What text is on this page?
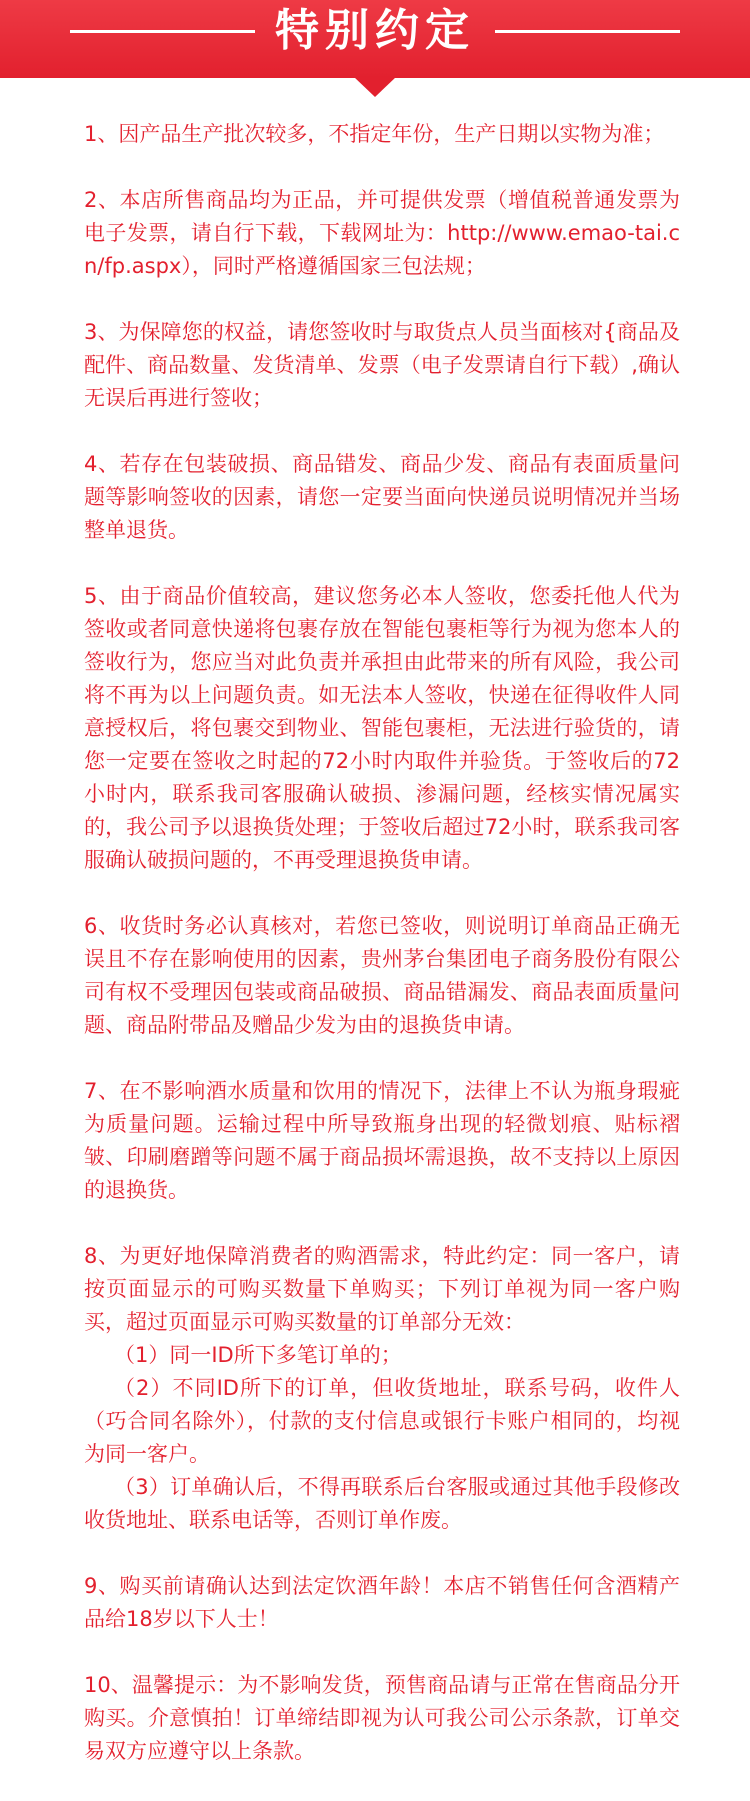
特别约定

1、因产品生产批次较多，不指定年份，生产日期以实物为准；

2、本店所售商品均为正品，并可提供发票（增值税普通发票为电子发票，请自行下载，下载网址为：http://www.emao-tai.cn/fp.aspx），同时严格遵循国家三包法规；

3、为保障您的权益，请您签收时与取货点人员当面核对{商品及配件、商品数量、发货清单、发票（电子发票请自行下载）,确认无误后再进行签收；

4、若存在包装破损、商品错发、商品少发、商品有表面质量问题等影响签收的因素，请您一定要当面向快递员说明情况并当场整单退货。

5、由于商品价值较高，建议您务必本人签收，您委托他人代为签收或者同意快递将包裹存放在智能包裹柜等行为视为您本人的签收行为，您应当对此负责并承担由此带来的所有风险，我公司将不再为以上问题负责。如无法本人签收，快递在征得收件人同意授权后，将包裹交到物业、智能包裹柜，无法进行验货的，请您一定要在签收之时起的72小时内取件并验货。于签收后的72小时内，联系我司客服确认破损、渗漏问题，经核实情况属实的，我公司予以退换货处理；于签收后超过72小时，联系我司客服确认破损问题的，不再受理退换货申请。

6、收货时务必认真核对，若您已签收，则说明订单商品正确无误且不存在影响使用的因素，贵州茅台集团电子商务股份有限公司有权不受理因包装或商品破损、商品错漏发、商品表面质量问题、商品附带品及赠品少发为由的退换货申请。

7、在不影响酒水质量和饮用的情况下，法律上不认为瓶身瑕疵为质量问题。运输过程中所导致瓶身出现的轻微划痕、贴标褶皱、印刷磨蹭等问题不属于商品损坏需退换，故不支持以上原因的退换货。

8、为更好地保障消费者的购酒需求，特此约定：同一客户，请按页面显示的可购买数量下单购买；下列订单视为同一客户购买，超过页面显示可购买数量的订单部分无效：
（1）同一ID所下多笔订单的；
（2）不同ID所下的订单，但收货地址，联系号码，收件人（巧合同名除外），付款的支付信息或银行卡账户相同的，均视为同一客户。
（3）订单确认后，不得再联系后台客服或通过其他手段修改收货地址、联系电话等，否则订单作废。

9、购买前请确认达到法定饮酒年龄！本店不销售任何含酒精产品给18岁以下人士！

10、温馨提示：为不影响发货，预售商品请与正常在售商品分开购买。介意慎拍！订单缔结即视为认可我公司公示条款，订单交易双方应遵守以上条款。
